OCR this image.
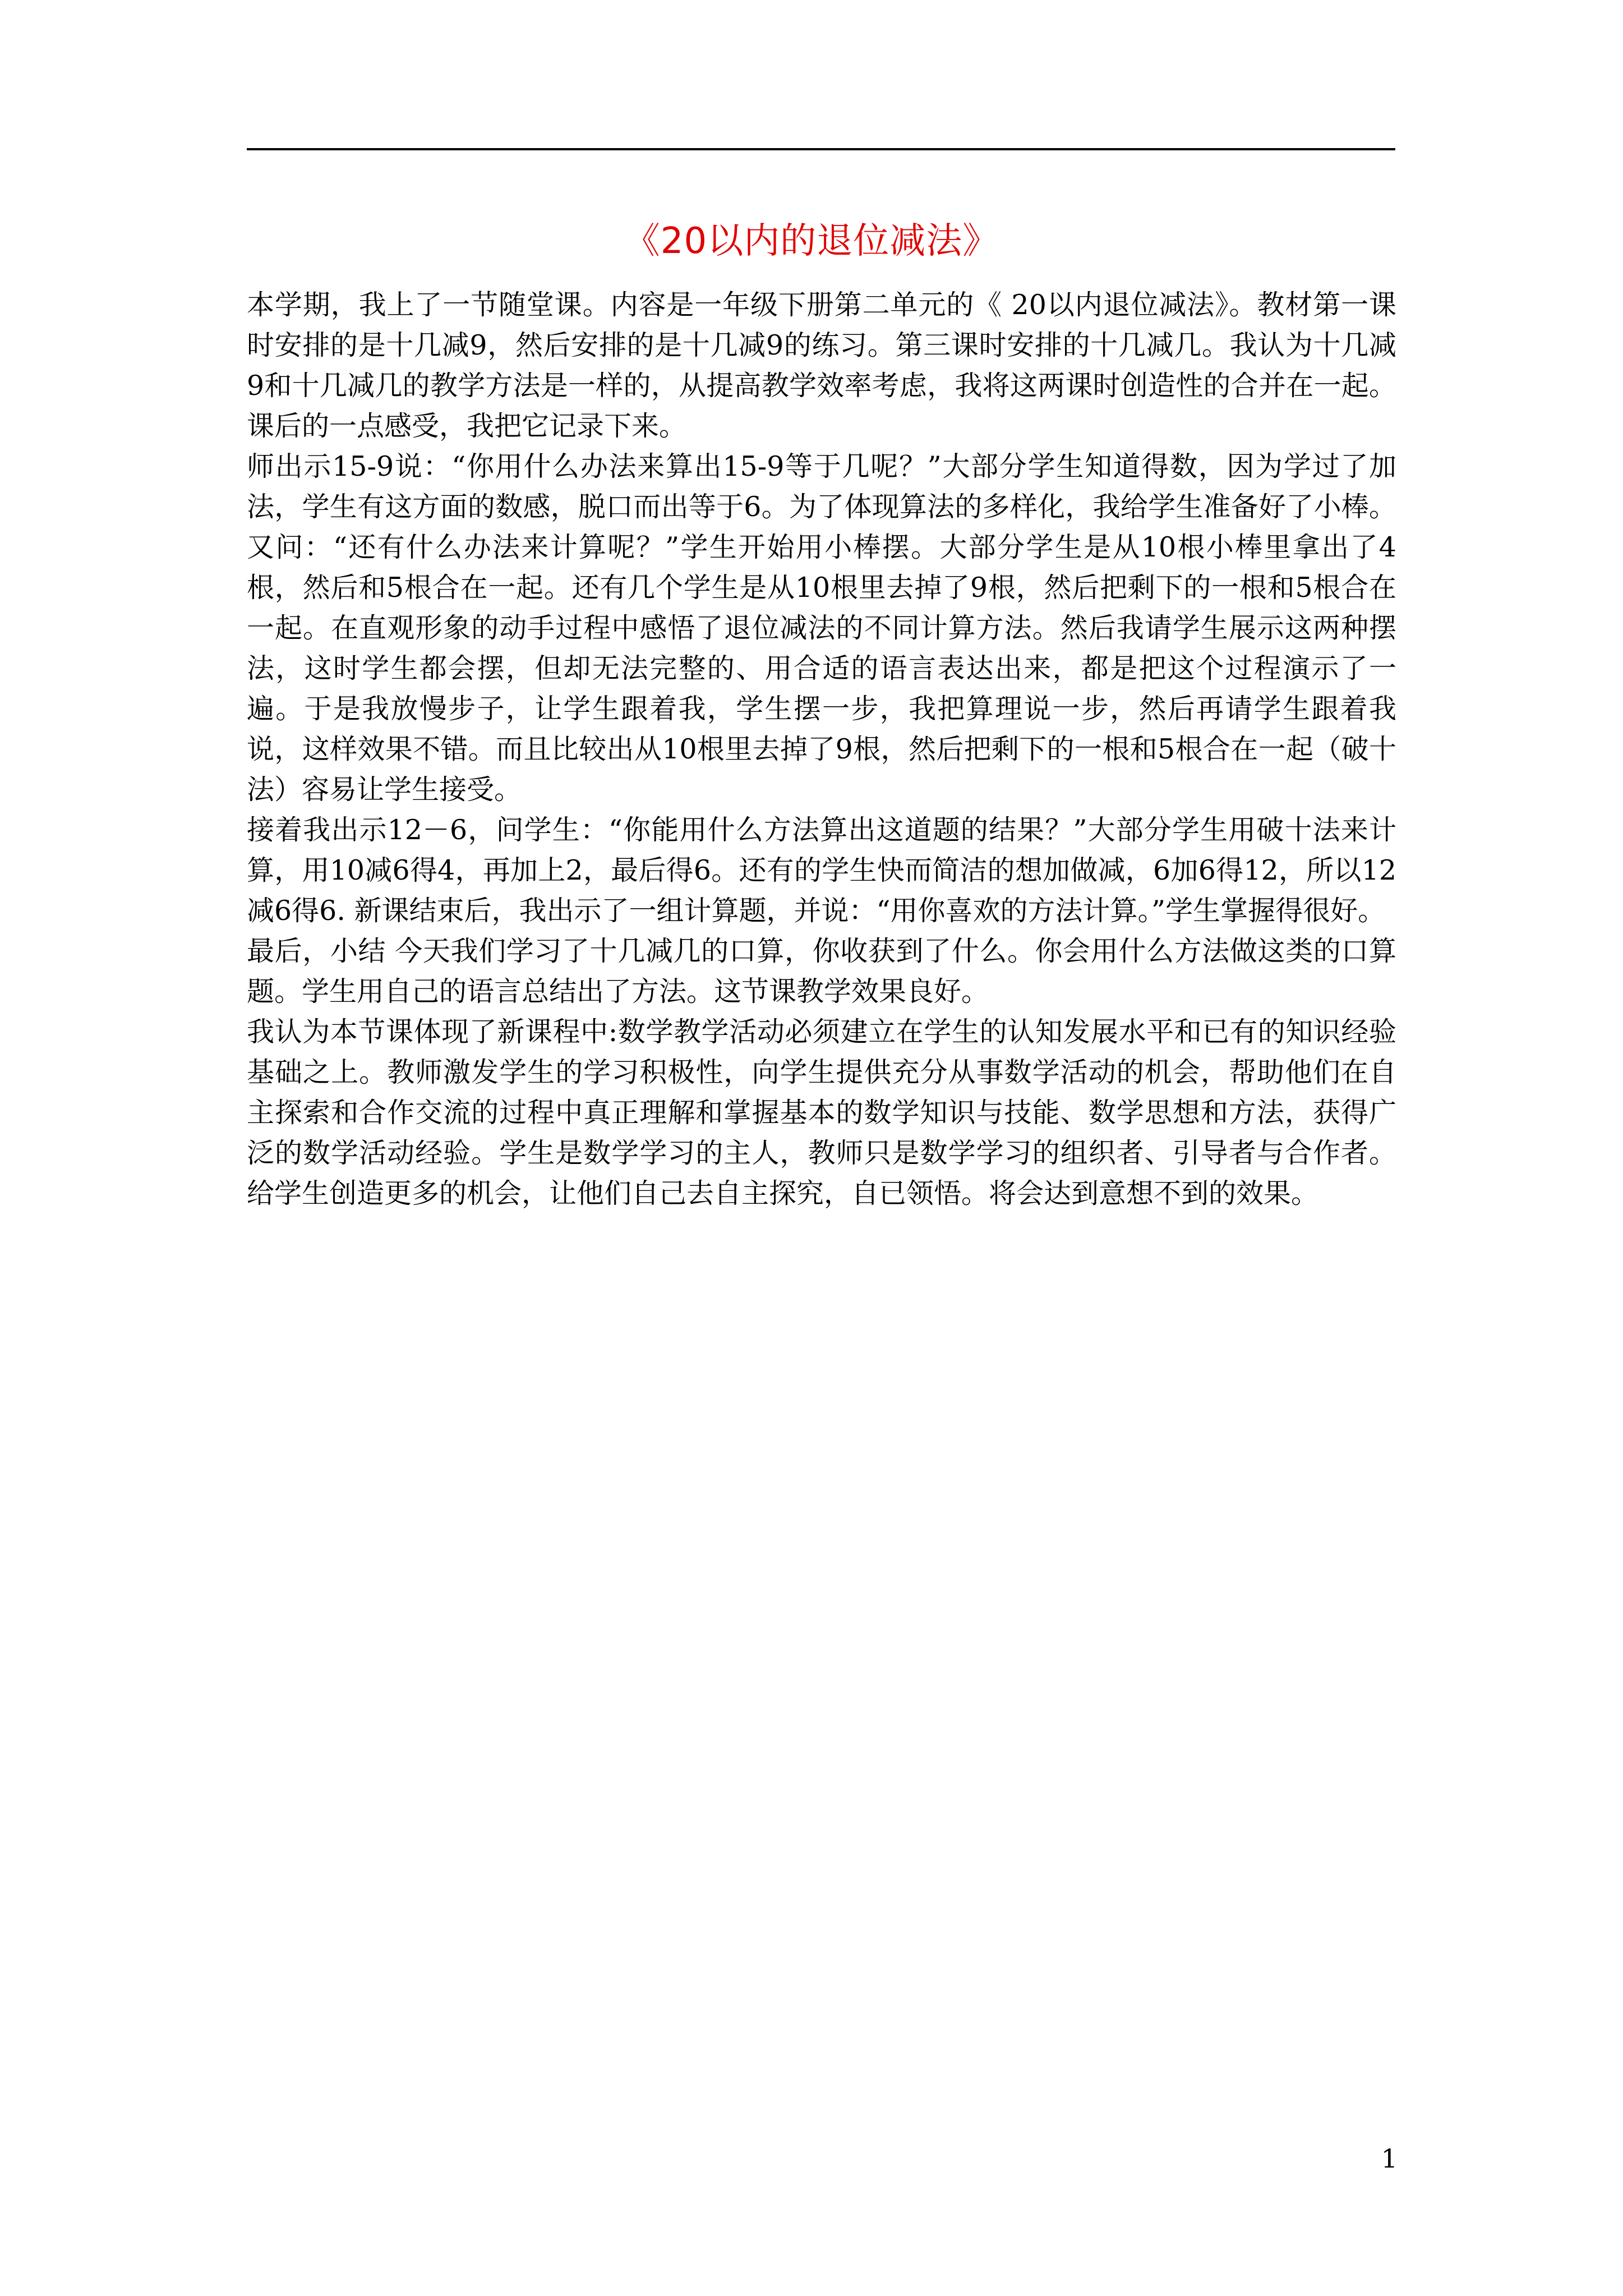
《20以内的退位减法》

本学期，我上了一节随堂课。内容是一年级下册第二单元的《 20以内退位减法》。教材第一课时安排的是十几减9，然后安排的是十几减9的练习。第三课时安排的十几减几。我认为十几减9和十几减几的教学方法是一样的，从提高教学效率考虑，我将这两课时创造性的合并在一起。课后的一点感受，我把它记录下来。

师出示15-9说：“你用什么办法来算出15-9等于几呢？”大部分学生知道得数，因为学过了加法，学生有这方面的数感，脱口而出等于6。为了体现算法的多样化，我给学生准备好了小棒。又问：“还有什么办法来计算呢？”学生开始用小棒摆。大部分学生是从10根小棒里拿出了4根，然后和5根合在一起。还有几个学生是从10根里去掉了9根，然后把剩下的一根和5根合在一起。在直观形象的动手过程中感悟了退位减法的不同计算方法。然后我请学生展示这两种摆法，这时学生都会摆，但却无法完整的、用合适的语言表达出来，都是把这个过程演示了一遍。于是我放慢步子，让学生跟着我，学生摆一步，我把算理说一步，然后再请学生跟着我说，这样效果不错。而且比较出从10根里去掉了9根，然后把剩下的一根和5根合在一起（破十法）容易让学生接受。

接着我出示12－6，问学生：“你能用什么方法算出这道题的结果？”大部分学生用破十法来计算，用10减6得4，再加上2，最后得6。还有的学生快而简洁的想加做减，6加6得12，所以12减6得6. 新课结束后，我出示了一组计算题，并说：“用你喜欢的方法计算。”学生掌握得很好。

最后，小结 今天我们学习了十几减几的口算，你收获到了什么。你会用什么方法做这类的口算题。学生用自己的语言总结出了方法。这节课教学效果良好。

我认为本节课体现了新课程中:数学教学活动必须建立在学生的认知发展水平和已有的知识经验基础之上。教师激发学生的学习积极性，向学生提供充分从事数学活动的机会，帮助他们在自主探索和合作交流的过程中真正理解和掌握基本的数学知识与技能、数学思想和方法，获得广泛的数学活动经验。学生是数学学习的主人，教师只是数学学习的组织者、引导者与合作者。给学生创造更多的机会，让他们自己去自主探究，自已领悟。将会达到意想不到的效果。

1
